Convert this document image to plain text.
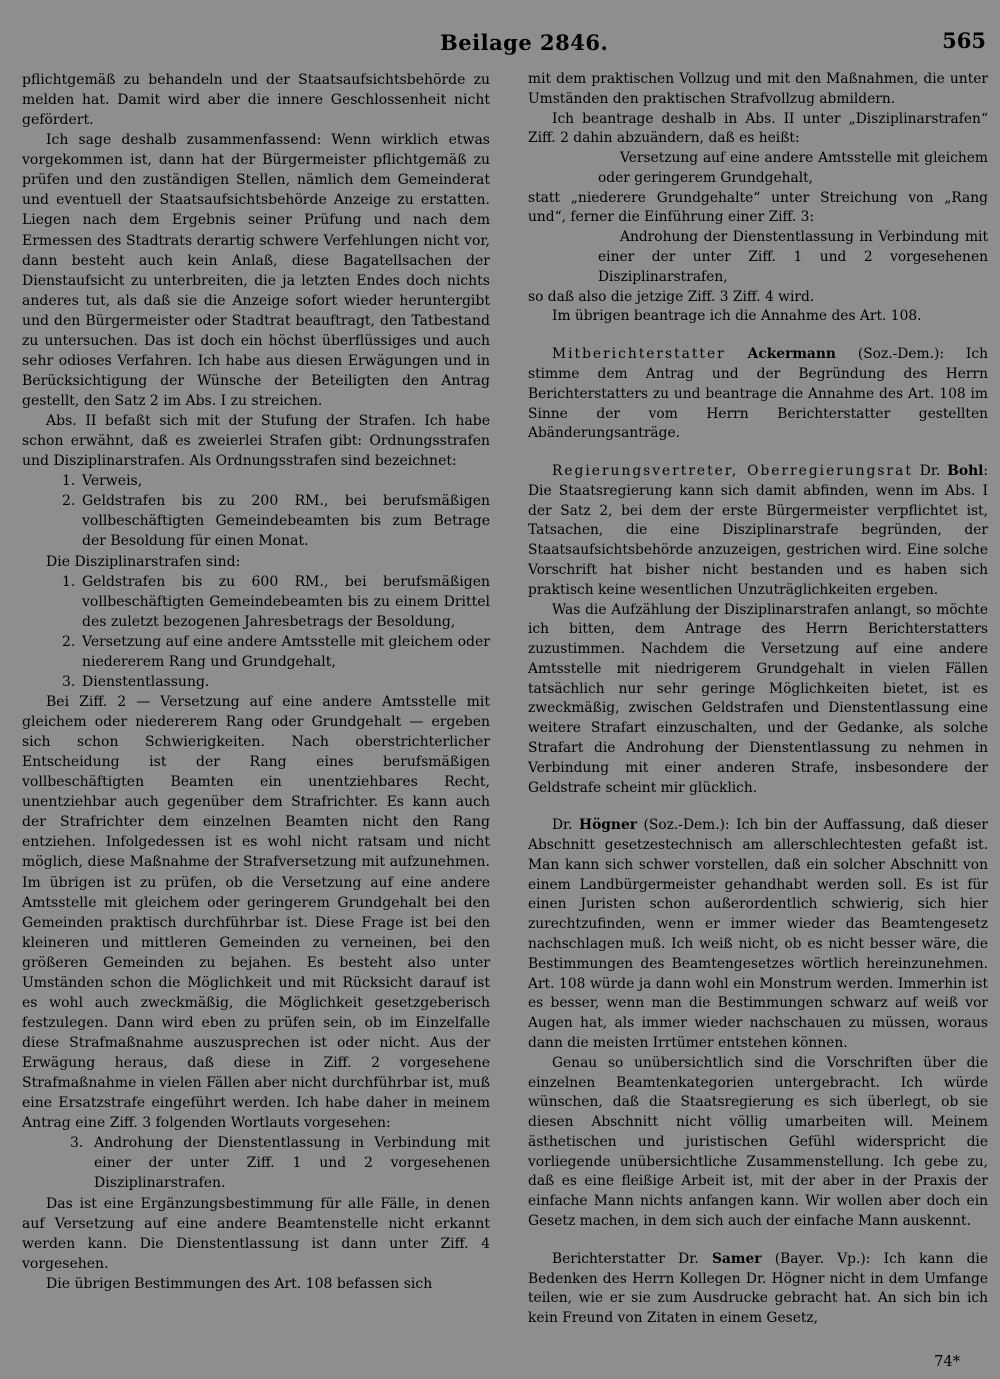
Beilage 2846.	565

pflichtgemäß zu behandeln und der Staatsaufsichtsbehörde zu melden hat. Damit wird aber die innere Geschlossenheit nicht gefördert.

Ich sage deshalb zusammenfassend: Wenn wirklich etwas vorgekommen ist, dann hat der Bürgermeister pflichtgemäß zu prüfen und den zuständigen Stellen, nämlich dem Gemeinderat und eventuell der Staatsaufsichtsbehörde Anzeige zu erstatten. Liegen nach dem Ergebnis seiner Prüfung und nach dem Ermessen des Stadtrats derartig schwere Verfehlungen nicht vor, dann besteht auch kein Anlaß, diese Bagatellsachen der Dienstaufsicht zu unterbreiten, die ja letzten Endes doch nichts anderes tut, als daß sie die Anzeige sofort wieder heruntergibt und den Bürgermeister oder Stadtrat beauftragt, den Tatbestand zu untersuchen. Das ist doch ein höchst überflüssiges und auch sehr odioses Verfahren. Ich habe aus diesen Erwägungen und in Berücksichtigung der Wünsche der Beteiligten den Antrag gestellt, den Satz 2 im Abs. I zu streichen.

Abs. II befaßt sich mit der Stufung der Strafen. Ich habe schon erwähnt, daß es zweierlei Strafen gibt: Ordnungsstrafen und Disziplinarstrafen. Als Ordnungsstrafen sind bezeichnet:

1. Verweis,
2. Geldstrafen bis zu 200 RM., bei berufsmäßigen vollbeschäftigten Gemeindebeamten bis zum Betrage der Besoldung für einen Monat.

Die Disziplinarstrafen sind:

1. Geldstrafen bis zu 600 RM., bei berufsmäßigen vollbeschäftigten Gemeindebeamten bis zu einem Drittel des zuletzt bezogenen Jahresbetrags der Besoldung,
2. Versetzung auf eine andere Amtsstelle mit gleichem oder niedererem Rang und Grundgehalt,
3. Dienstentlassung.

Bei Ziff. 2 — Versetzung auf eine andere Amtsstelle mit gleichem oder niedererem Rang oder Grundgehalt — ergeben sich schon Schwierigkeiten. Nach oberstrichterlicher Entscheidung ist der Rang eines berufsmäßigen vollbeschäftigten Beamten ein unentziehbares Recht, unentziehbar auch gegenüber dem Strafrichter. Es kann auch der Strafrichter dem einzelnen Beamten nicht den Rang entziehen. Infolgedessen ist es wohl nicht ratsam und nicht möglich, diese Maßnahme der Strafversetzung mit aufzunehmen. Im übrigen ist zu prüfen, ob die Versetzung auf eine andere Amtsstelle mit gleichem oder geringerem Grundgehalt bei den Gemeinden praktisch durchführbar ist. Diese Frage ist bei den kleineren und mittleren Gemeinden zu verneinen, bei den größeren Gemeinden zu bejahen. Es besteht also unter Umständen schon die Möglichkeit und mit Rücksicht darauf ist es wohl auch zweckmäßig, die Möglichkeit gesetzgeberisch festzulegen. Dann wird eben zu prüfen sein, ob im Einzelfalle diese Strafmaßnahme auszusprechen ist oder nicht. Aus der Erwägung heraus, daß diese in Ziff. 2 vorgesehene Strafmaßnahme in vielen Fällen aber nicht durchführbar ist, muß eine Ersatzstrafe eingeführt werden. Ich habe daher in meinem Antrag eine Ziff. 3 folgenden Wortlauts vorgesehen:

3. Androhung der Dienstentlassung in Verbindung mit einer der unter Ziff. 1 und 2 vorgesehenen Disziplinarstrafen.

Das ist eine Ergänzungsbestimmung für alle Fälle, in denen auf Versetzung auf eine andere Beamtenstelle nicht erkannt werden kann. Die Dienstentlassung ist dann unter Ziff. 4 vorgesehen.

Die übrigen Bestimmungen des Art. 108 befassen sich

mit dem praktischen Vollzug und mit den Maßnahmen, die unter Umständen den praktischen Strafvollzug abmildern.

Ich beantrage deshalb in Abs. II unter „Disziplinarstrafen“ Ziff. 2 dahin abzuändern, daß es heißt:

Versetzung auf eine andere Amtsstelle mit gleichem oder geringerem Grundgehalt,

statt „niederere Grundgehalte“ unter Streichung von „Rang und“, ferner die Einführung einer Ziff. 3:

Androhung der Dienstentlassung in Verbindung mit einer der unter Ziff. 1 und 2 vorgesehenen Disziplinarstrafen,

so daß also die jetzige Ziff. 3 Ziff. 4 wird.

Im übrigen beantrage ich die Annahme des Art. 108.

Mitberichterstatter Ackermann (Soz.-Dem.): Ich stimme dem Antrag und der Begründung des Herrn Berichterstatters zu und beantrage die Annahme des Art. 108 im Sinne der vom Herrn Berichterstatter gestellten Abänderungsanträge.

Regierungsvertreter, Oberregierungsrat Dr. Bohl: Die Staatsregierung kann sich damit abfinden, wenn im Abs. I der Satz 2, bei dem der erste Bürgermeister verpflichtet ist, Tatsachen, die eine Disziplinarstrafe begründen, der Staatsaufsichtsbehörde anzuzeigen, gestrichen wird. Eine solche Vorschrift hat bisher nicht bestanden und es haben sich praktisch keine wesentlichen Unzuträglichkeiten ergeben.

Was die Aufzählung der Disziplinarstrafen anlangt, so möchte ich bitten, dem Antrage des Herrn Berichterstatters zuzustimmen. Nachdem die Versetzung auf eine andere Amtsstelle mit niedrigerem Grundgehalt in vielen Fällen tatsächlich nur sehr geringe Möglichkeiten bietet, ist es zweckmäßig, zwischen Geldstrafen und Dienstentlassung eine weitere Strafart einzuschalten, und der Gedanke, als solche Strafart die Androhung der Dienstentlassung zu nehmen in Verbindung mit einer anderen Strafe, insbesondere der Geldstrafe scheint mir glücklich.

Dr. Högner (Soz.-Dem.): Ich bin der Auffassung, daß dieser Abschnitt gesetzestechnisch am allerschlechtesten gefaßt ist. Man kann sich schwer vorstellen, daß ein solcher Abschnitt von einem Landbürgermeister gehandhabt werden soll. Es ist für einen Juristen schon außerordentlich schwierig, sich hier zurechtzufinden, wenn er immer wieder das Beamtengesetz nachschlagen muß. Ich weiß nicht, ob es nicht besser wäre, die Bestimmungen des Beamtengesetzes wörtlich hereinzunehmen. Art. 108 würde ja dann wohl ein Monstrum werden. Immerhin ist es besser, wenn man die Bestimmungen schwarz auf weiß vor Augen hat, als immer wieder nachschauen zu müssen, woraus dann die meisten Irrtümer entstehen können.

Genau so unübersichtlich sind die Vorschriften über die einzelnen Beamtenkategorien untergebracht. Ich würde wünschen, daß die Staatsregierung es sich überlegt, ob sie diesen Abschnitt nicht völlig umarbeiten will. Meinem ästhetischen und juristischen Gefühl widerspricht die vorliegende unübersichtliche Zusammenstellung. Ich gebe zu, daß es eine fleißige Arbeit ist, mit der aber in der Praxis der einfache Mann nichts anfangen kann. Wir wollen aber doch ein Gesetz machen, in dem sich auch der einfache Mann auskennt.

Berichterstatter Dr. Samer (Bayer. Vp.): Ich kann die Bedenken des Herrn Kollegen Dr. Högner nicht in dem Umfange teilen, wie er sie zum Ausdrucke gebracht hat. An sich bin ich kein Freund von Zitaten in einem Gesetz,

74*
